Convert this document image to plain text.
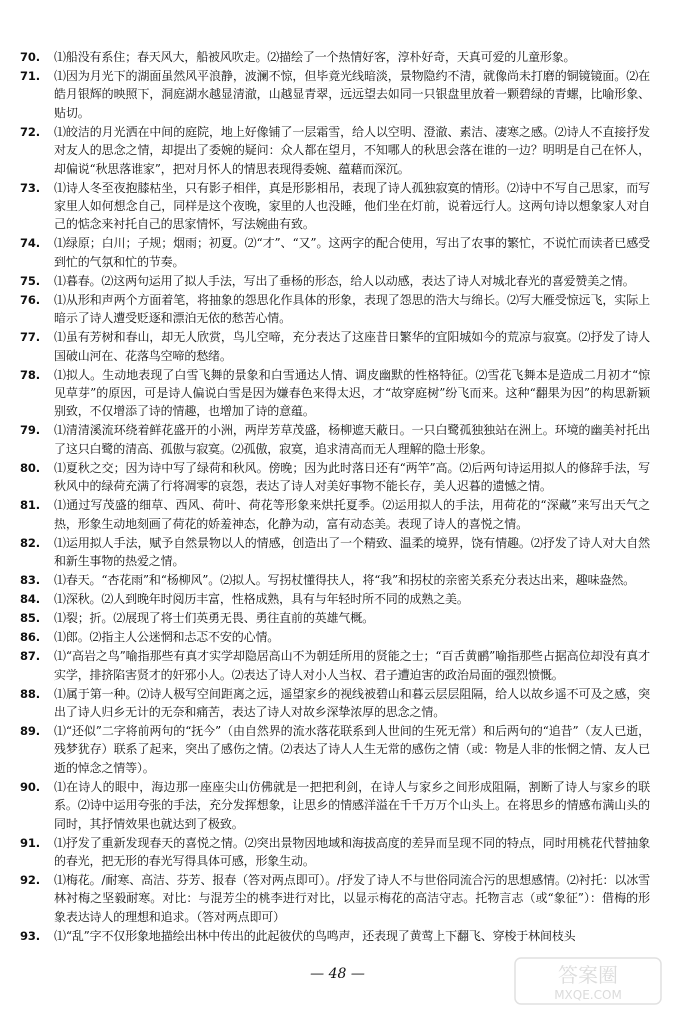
70.	⑴船没有系住；春天风大，船被风吹走。⑵描绘了一个热情好客，淳朴好奇，天真可爱的儿童形象。
71.	⑴因为月光下的湖面虽然风平浪静，波澜不惊，但毕竟光线暗淡，景物隐约不清，就像尚未打磨的铜镜镜面。⑵在皓月银辉的映照下，洞庭湖水越显清澈，山越显青翠，远远望去如同一只银盘里放着一颗碧绿的青螺，比喻形象、贴切。
72.	⑴皎洁的月光洒在中间的庭院，地上好像铺了一层霜雪，给人以空明、澄澈、素洁、凄寒之感。⑵诗人不直接抒发对友人的思念之情，却提出了委婉的疑问：众人都在望月，不知哪人的秋思会落在谁的一边？明明是自己在怀人，却偏说“秋思落谁家”，把对月怀人的情思表现得委婉、蕴藉而深沉。
73.	⑴诗人冬至夜抱膝枯坐，只有影子相伴，真是形影相吊，表现了诗人孤独寂寞的情形。⑵诗中不写自己思家，而写家里人如何想念自己，同样是这个夜晚，家里的人也没睡，他们坐在灯前，说着远行人。这两句诗以想象家人对自己的惦念来衬托自己的思家情怀，写法婉曲有致。
74.	⑴绿原；白川；子规；烟雨；初夏。⑵“才”、“又”。这两字的配合使用，写出了农事的繁忙，不说忙而读者已感受到忙的气氛和忙的节奏。
75.	⑴暮春。⑵这两句运用了拟人手法，写出了垂杨的形态，给人以动感，表达了诗人对城北春光的喜爱赞美之情。
76.	⑴从形和声两个方面着笔，将抽象的怨思化作具体的形象，表现了怨思的浩大与绵长。⑵写大雁受惊远飞，实际上暗示了诗人遭受贬逐和漂泊无依的愁苦心情。
77.	⑴虽有芳树和春山，却无人欣赏，鸟儿空啼，充分表达了这座昔日繁华的宜阳城如今的荒凉与寂寞。⑵抒发了诗人国破山河在、花落鸟空啼的愁绪。
78.	⑴拟人。生动地表现了白雪飞舞的景象和白雪通达人情、调皮幽默的性格特征。⑵雪花飞舞本是造成二月初才“惊见草芽”的原因，可是诗人偏说白雪是因为嫌春色来得太迟，才“故穿庭树”纷飞而来。这种“翻果为因”的构思新颖别致，不仅增添了诗的情趣，也增加了诗的意蕴。
79.	⑴清清溪流环绕着鲜花盛开的小洲，两岸芳草茂盛，杨柳遮天蔽日。一只白鹭孤独独站在洲上。环境的幽美衬托出了这只白鹭的清高、孤傲与寂寞。⑵孤傲，寂寞，追求清高而无人理解的隐士形象。
80.	⑴夏秋之交；因为诗中写了绿荷和秋风。傍晚；因为此时落日还有“两竿”高。⑵后两句诗运用拟人的修辞手法，写秋风中的绿荷充满了行将凋零的哀怨，表达了诗人对美好事物不能长存，美人迟暮的遗憾之情。
81.	⑴通过写茂盛的细草、西风、荷叶、荷花等形象来烘托夏季。⑵运用拟人的手法，用荷花的“深藏”来写出天气之热，形象生动地刻画了荷花的娇羞神态，化静为动，富有动态美。表现了诗人的喜悦之情。
82.	⑴运用拟人手法，赋予自然景物以人的情感，创造出了一个精致、温柔的境界，饶有情趣。⑵抒发了诗人对大自然和新生事物的热爱之情。
83.	⑴春天。“杏花雨”和“杨柳风”。⑵拟人。写拐杖懂得扶人，将“我”和拐杖的亲密关系充分表达出来，趣味盎然。
84.	⑴深秋。⑵人到晚年时阅历丰富，性格成熟，具有与年轻时所不同的成熟之美。
85.	⑴裂；折。⑵展现了将士们英勇无畏、勇往直前的英雄气概。
86.	⑴郎。⑵指主人公迷惘和忐忑不安的心情。
87.	⑴“高岩之鸟”喻指那些有真才实学却隐居高山不为朝廷所用的贤能之士；“百舌黄鹂”喻指那些占据高位却没有真才实学，排挤陷害贤才的奸邪小人。⑵表达了诗人对小人当权、君子遭迫害的政治局面的强烈愤慨。
88.	⑴属于第一种。⑵诗人极写空间距离之远，遥望家乡的视线被碧山和暮云层层阻隔，给人以故乡遥不可及之感，突出了诗人归乡无计的无奈和痛苦，表达了诗人对故乡深挚浓厚的思念之情。
89.	⑴“还似”二字将前两句的“抚今”（由自然界的流水落花联系到人世间的生死无常）和后两句的“追昔”（友人已逝，残梦犹存）联系了起来，突出了感伤之情。⑵表达了诗人人生无常的感伤之情（或：物是人非的怅惘之情、友人已逝的悼念之情等）。
90.	⑴在诗人的眼中，海边那一座座尖山仿佛就是一把把利剑，在诗人与家乡之间形成阻隔，割断了诗人与家乡的联系。⑵诗中运用夸张的手法，充分发挥想象，让思乡的情感洋溢在千千万万个山头上。在将思乡的情感布满山头的同时，其抒情效果也就达到了极致。
91.	⑴抒发了重新发现春天的喜悦之情。⑵突出景物因地域和海拔高度的差异而呈现不同的特点，同时用桃花代替抽象的春光，把无形的春光写得具体可感，形象生动。
92.	⑴梅花。/耐寒、高洁、芬芳、报春（答对两点即可）。/抒发了诗人不与世俗同流合污的思想感情。⑵衬托：以冰雪林衬梅之坚毅耐寒。对比：与混芳尘的桃李进行对比，以显示梅花的高洁守志。托物言志（或“象征”）：借梅的形象表达诗人的理想和追求。（答对两点即可）
93.	⑴“乱”字不仅形象地描绘出林中传出的此起彼伏的鸟鸣声，还表现了黄莺上下翻飞、穿梭于林间枝头
— 48 —	答案圈
MXQE.COM
